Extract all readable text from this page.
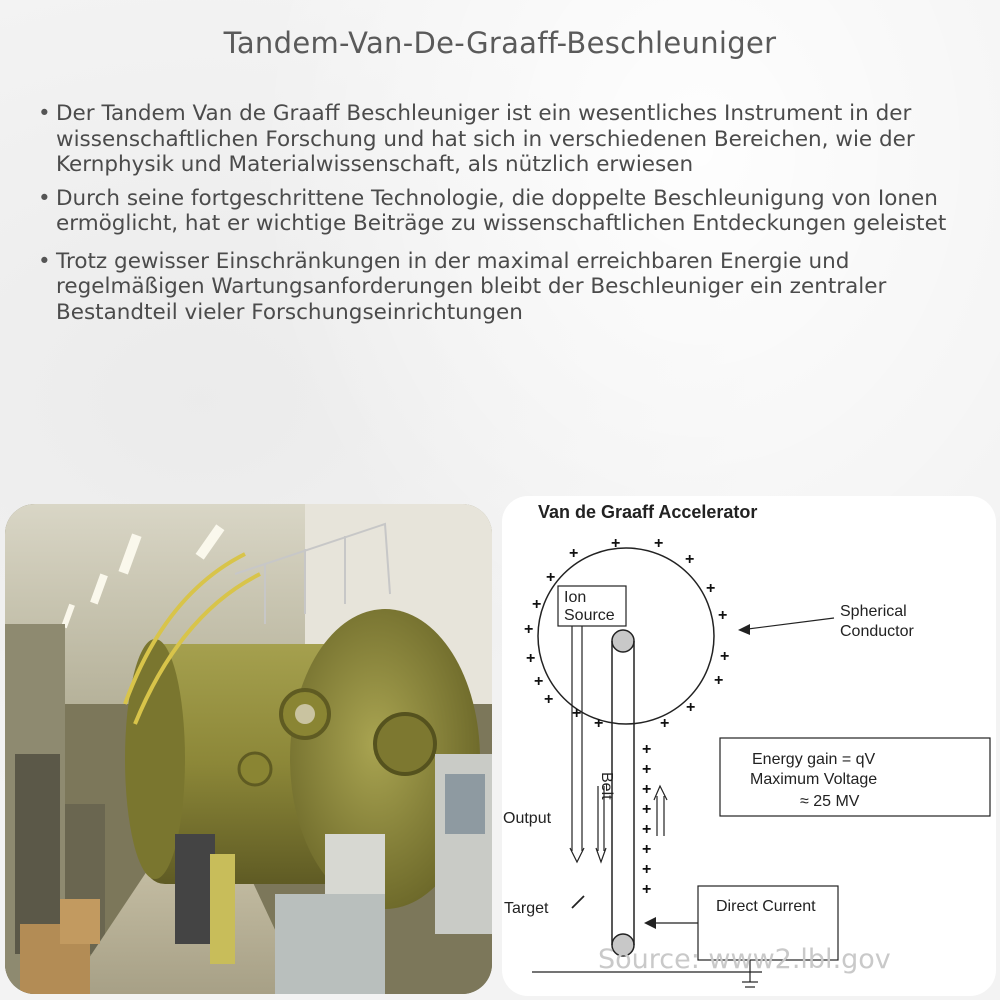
Tandem-Van-De-Graaff-Beschleuniger
• Der Tandem Van de Graaff Beschleuniger ist ein wesentliches Instrument in der wissenschaftlichen Forschung und hat sich in verschiedenen Bereichen, wie der Kernphysik und Materialwissenschaft, als nützlich erwiesen
• Durch seine fortgeschrittene Technologie, die doppelte Beschleunigung von Ionen ermöglicht, hat er wichtige Beiträge zu wissenschaftlichen Entdeckungen geleistet
• Trotz gewisser Einschränkungen in der maximal erreichbaren Energie und regelmäßigen Wartungsanforderungen bleibt der Beschleuniger ein zentraler Bestandteil vieler Forschungseinrichtungen
Van de Graaff Accelerator
+
+ +
+
+
+
+
+
+
+
+
+
+
+
+
+
+	+
+
+
+
+
+
+
+
+
Ion
Source
Belt
Spherical
Conductor
Energy gain = qV
Maximum Voltage
≈ 25 MV
Output
Target	Direct Current
Source: www2.lbl.gov
